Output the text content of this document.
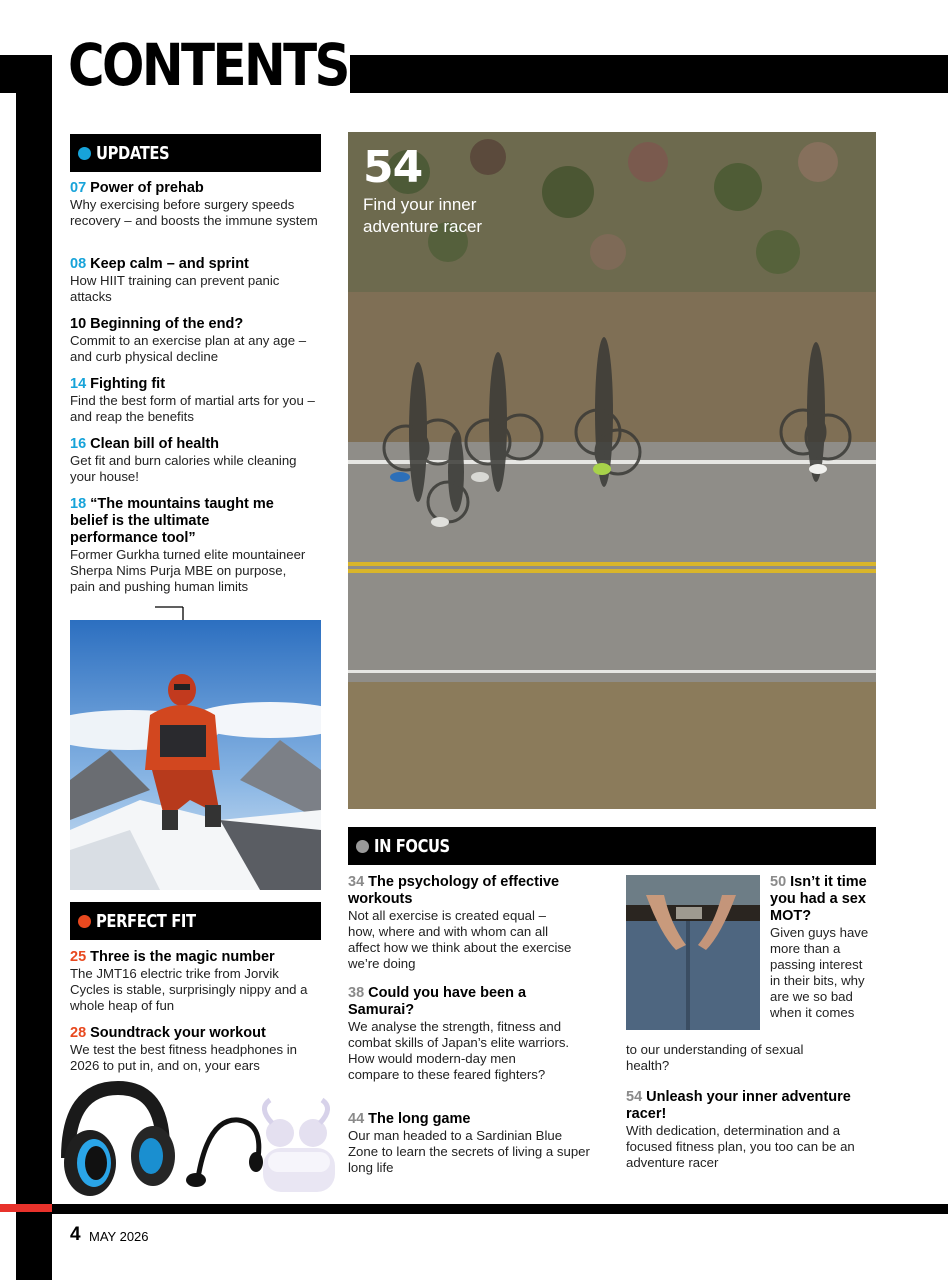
CONTENTS
UPDATES
07 Power of prehab
Why exercising before surgery speeds recovery – and boosts the immune system
08 Keep calm – and sprint
How HIIT training can prevent panic attacks
10 Beginning of the end?
Commit to an exercise plan at any age – and curb physical decline
14 Fighting fit
Find the best form of martial arts for you – and reap the benefits
16 Clean bill of health
Get fit and burn calories while cleaning your house!
18 “The mountains taught me belief is the ultimate performance tool”
Former Gurkha turned elite mountaineer Sherpa Nims Purja MBE on purpose, pain and pushing human limits
PERFECT FIT
25 Three is the magic number
The JMT16 electric trike from Jorvik Cycles is stable, surprisingly nippy and a whole heap of fun
28 Soundtrack your workout
We test the best fitness headphones in 2026 to put in, and on, your ears
54
Find your inner adventure racer
IN FOCUS
34 The psychology of effective workouts
Not all exercise is created equal – how, where and with whom can all affect how we think about the exercise we’re doing
38 Could you have been a Samurai?
We analyse the strength, fitness and combat skills of Japan’s elite warriors. How would modern-day men compare to these feared fighters?
44 The long game
Our man headed to a Sardinian Blue Zone to learn the secrets of living a super long life
50 Isn’t it time you had a sex MOT?
Given guys have more than a passing interest in their bits, why are we so bad when it comes
to our understanding of sexual health?
54 Unleash your inner adventure racer!
With dedication, determination and a focused fitness plan, you too can be an adventure racer
4 MAY 2026
